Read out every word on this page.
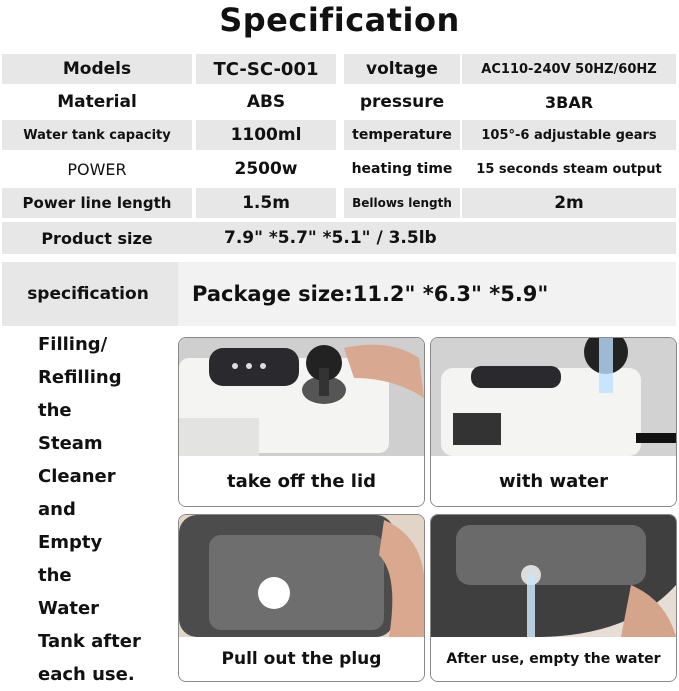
Specification
Models	TC-SC-001	voltage	AC110-240V 50HZ/60HZ
Material	ABS	pressure	3BAR
Water tank capacity	1100ml	temperature	105°-6 adjustable gears
POWER	2500w	heating time	15 seconds steam output
Power line length	1.5m	Bellows length	2m
Product size	7.9" *5.7" *5.1" / 3.5lb
specification	Package size:11.2" *6.3" *5.9"
Filling/
Refilling
the
Steam
Cleaner
and
Empty
the
Water
Tank after
each use.
take off the lid	with water
Pull out the plug	After use, empty the water
